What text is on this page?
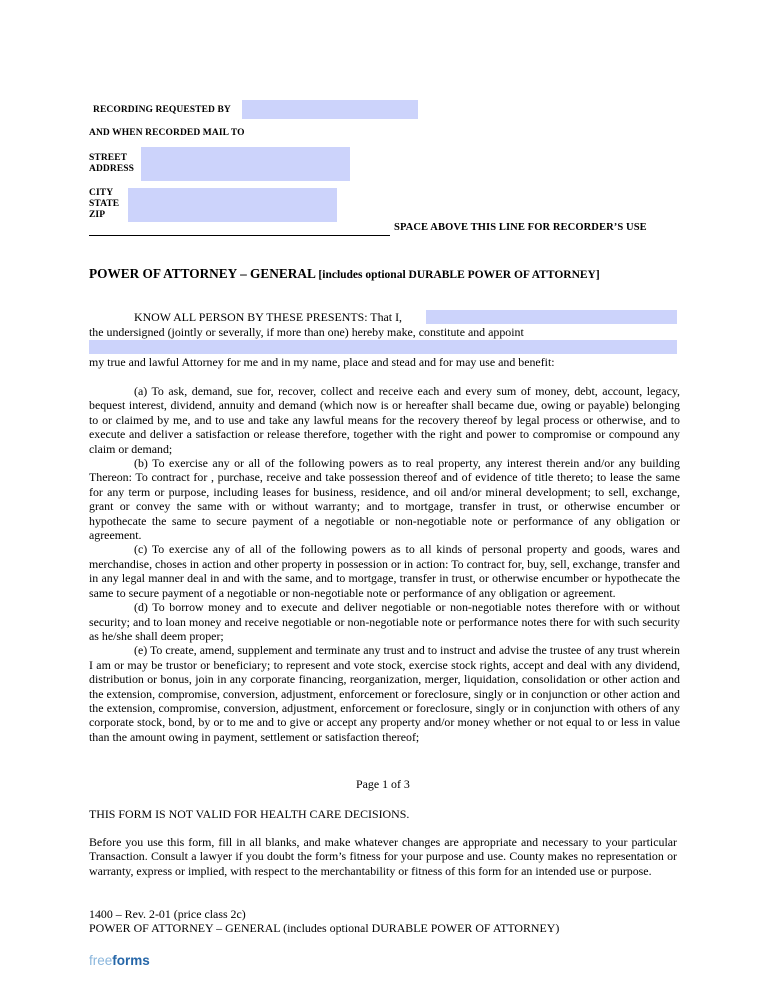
RECORDING REQUESTED BY
AND WHEN RECORDED MAIL TO
STREET
ADDRESS
CITY
STATE
ZIP
SPACE ABOVE THIS LINE FOR RECORDER’S USE
POWER OF ATTORNEY – GENERAL [includes optional DURABLE POWER OF ATTORNEY]
KNOW ALL PERSON BY THESE PRESENTS: That I,
the undersigned (jointly or severally, if more than one) hereby make, constitute and appoint
my true and lawful Attorney for me and in my name, place and stead and for may use and benefit:
(a) To ask, demand, sue for, recover, collect and receive each and every sum of money, debt, account, legacy, bequest interest, dividend, annuity and demand (which now is or hereafter shall became due, owing or payable) belonging to or claimed by me, and to use and take any lawful means for the recovery thereof by legal process or otherwise, and to execute and deliver a satisfaction or release therefore, together with the right and power to compromise or compound any claim or demand;
(b) To exercise any or all of the following powers as to real property, any interest therein and/or any building Thereon: To contract for , purchase, receive and take possession thereof and of evidence of title thereto; to lease the same for any term or purpose, including leases for business, residence, and oil and/or mineral development; to sell, exchange, grant or convey the same with or without warranty; and to mortgage, transfer in trust, or otherwise encumber or hypothecate the same to secure payment of a negotiable or non-negotiable note or performance of any obligation or agreement.
(c) To exercise any of all of the following powers as to all kinds of personal property and goods, wares and merchandise, choses in action and other property in possession or in action: To contract for, buy, sell, exchange, transfer and in any legal manner deal in and with the same, and to mortgage, transfer in trust, or otherwise encumber or hypothecate the same to secure payment of a negotiable or non-negotiable note or performance of any obligation or agreement.
(d) To borrow money and to execute and deliver negotiable or non-negotiable notes therefore with or without security; and to loan money and receive negotiable or non-negotiable note or performance notes there for with such security as he/she shall deem proper;
(e) To create, amend, supplement and terminate any trust and to instruct and advise the trustee of any trust wherein I am or may be trustor or beneficiary; to represent and vote stock, exercise stock rights, accept and deal with any dividend, distribution or bonus, join in any corporate financing, reorganization, merger, liquidation, consolidation or other action and the extension, compromise, conversion, adjustment, enforcement or foreclosure, singly or in conjunction or other action and the extension, compromise, conversion, adjustment, enforcement or foreclosure, singly or in conjunction with others of any corporate stock, bond, by or to me and to give or accept any property and/or money whether or not equal to or less in value than the amount owing in payment, settlement or satisfaction thereof;
Page 1 of 3
THIS FORM IS NOT VALID FOR HEALTH CARE DECISIONS.
Before you use this form, fill in all blanks, and make whatever changes are appropriate and necessary to your particular Transaction. Consult a lawyer if you doubt the form’s fitness for your purpose and use. County makes no representation or warranty, express or implied, with respect to the merchantability or fitness of this form for an intended use or purpose.
1400 – Rev. 2-01 (price class 2c)
POWER OF ATTORNEY – GENERAL (includes optional DURABLE POWER OF ATTORNEY)
freeforms
